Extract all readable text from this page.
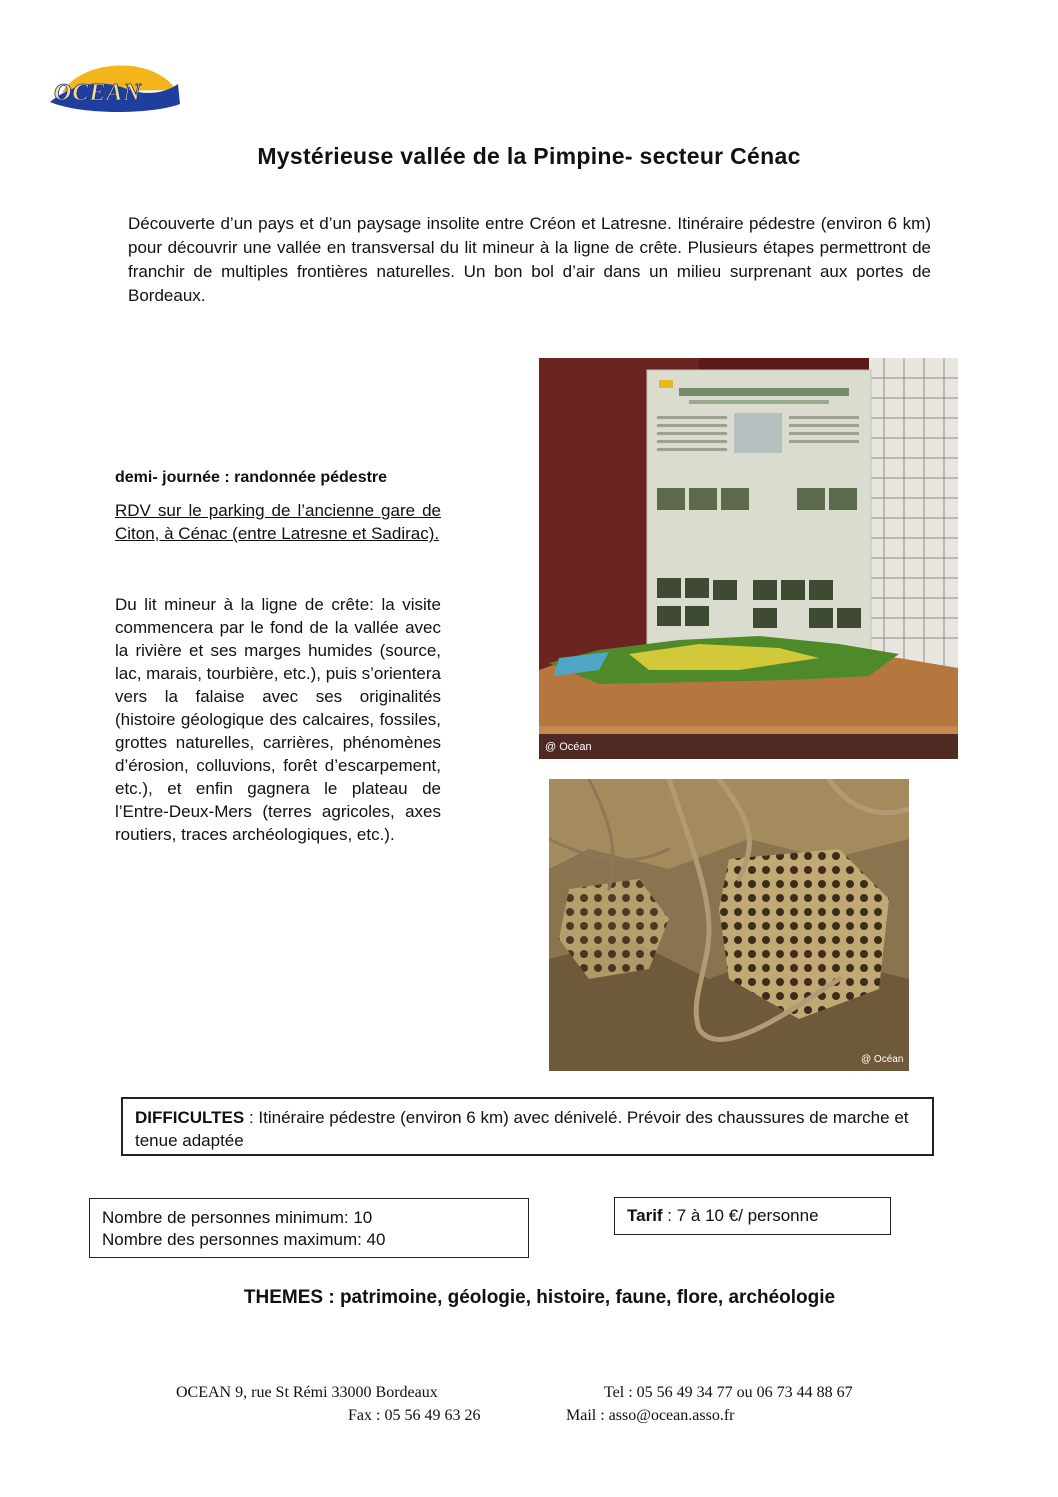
OCEAN
Mystérieuse vallée de la Pimpine- secteur Cénac
Découverte d’un pays et d’un paysage insolite entre Créon et Latresne. Itinéraire pédestre (environ 6 km) pour découvrir une vallée en transversal du lit mineur à la ligne de crête. Plusieurs étapes permettront de franchir de multiples frontières naturelles. Un bon bol d’air dans un milieu surprenant aux portes de Bordeaux.
demi- journée : randonnée pédestre
RDV sur le parking de l’ancienne gare de Citon, à Cénac (entre Latresne et Sadirac).
Du lit mineur à la ligne de crête: la visite commencera par le fond de la vallée avec la rivière et ses marges humides (source, lac, marais, tourbière, etc.), puis s’orientera vers la falaise avec ses originalités (histoire géologique des calcaires, fossiles, grottes naturelles, carrières, phénomènes d’érosion, colluvions, forêt d’escarpement, etc.), et enfin gagnera le plateau de l’Entre-Deux-Mers (terres agricoles, axes routiers, traces archéologiques, etc.).
@ Océan
@ Océan
DIFFICULTES : Itinéraire pédestre (environ 6 km) avec dénivelé. Prévoir des chaussures de marche et tenue adaptée
Nombre de personnes minimum: 10
Nombre des personnes maximum: 40
Tarif : 7 à 10 €/ personne
THEMES : patrimoine, géologie, histoire, faune, flore, archéologie
OCEAN 9, rue St Rémi 33000 Bordeaux	Tel : 05 56 49 34 77 ou 06 73 44 88 67
Fax : 05 56 49 63 26	Mail : asso@ocean.asso.fr
